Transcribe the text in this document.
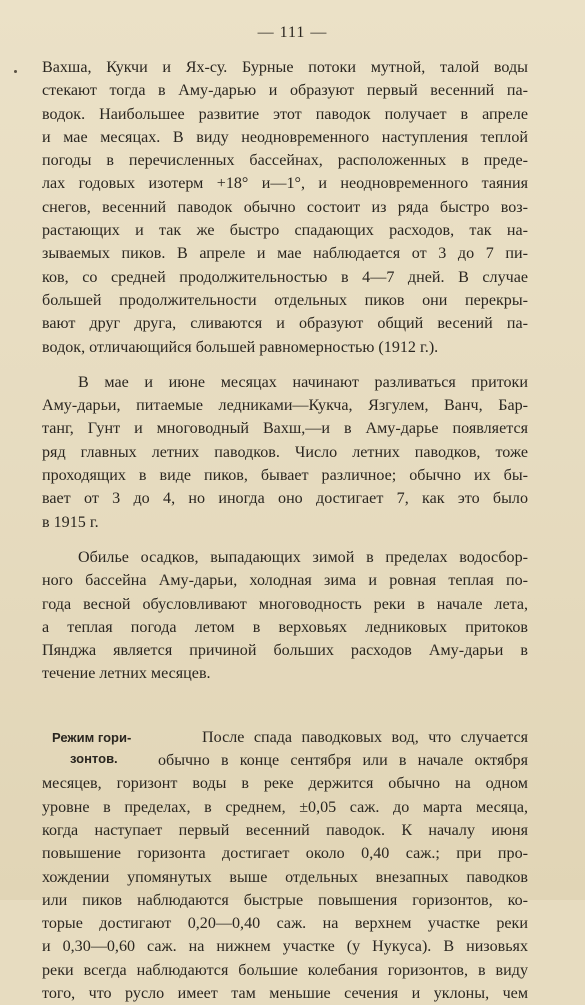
— 111 —

Вахша, Кукчи и Ях-су. Бурные потоки мутной, талой воды

стекают тогда в Аму-дарью и образуют первый весенний па-

водок. Наибольшее развитие этот паводок получает в апреле

и мае месяцах. В виду неодновременного наступления теплой

погоды в перечисленных бассейнах, расположенных в преде-

лах годовых изотерм +18° и—1°, и неодновременного таяния

снегов, весенний паводок обычно состоит из ряда быстро воз-

растающих и так же быстро спадающих расходов, так на-

зываемых пиков. В апреле и мае наблюдается от 3 до 7 пи-

ков, со средней продолжительностью в 4—7 дней. В случае

большей продолжительности отдельных пиков они перекры-

вают друг друга, сливаются и образуют общий весений па-

водок, отличающийся большей равномерностью (1912 г.).

В мае и июне месяцах начинают разливаться притоки

Аму-дарьи, питаемые ледниками—Кукча, Язгулем, Ванч, Бар-

танг, Гунт и многоводный Вахш,—и в Аму-дарье появляется

ряд главных летних паводков. Число летних паводков, тоже

проходящих в виде пиков, бывает различное; обычно их бы-

вает от 3 до 4, но иногда оно достигает 7, как это было

в 1915 г.

Обилье осадков, выпадающих зимой в пределах водосбор-

ного бассейна Аму-дарьи, холодная зима и ровная теплая по-

года весной обусловливают многоводность реки в начале лета,

а теплая погода летом в верховьях ледниковых притоков

Пянджа является причиной больших расходов Аму-дарьи в

течение летних месяцев.

Режим гори-
зонтов.

После спада паводковых вод, что случается

обычно в конце сентября или в начале октября

месяцев, горизонт воды в реке держится обычно на одном

уровне в пределах, в среднем, ±0,05 саж. до марта месяца,

когда наступает первый весенний паводок. К началу июня

повышение горизонта достигает около 0,40 саж.; при про-

хождении упомянутых выше отдельных внезапных паводков

или пиков наблюдаются быстрые повышения горизонтов, ко-

торые достигают 0,20—0,40 саж. на верхнем участке реки

и 0,30—0,60 саж. на нижнем участке (у Нукуса). В низовьях

реки всегда наблюдаются большие колебания горизонтов, в виду

того, что русло имеет там меньшие сечения и уклоны, чем
